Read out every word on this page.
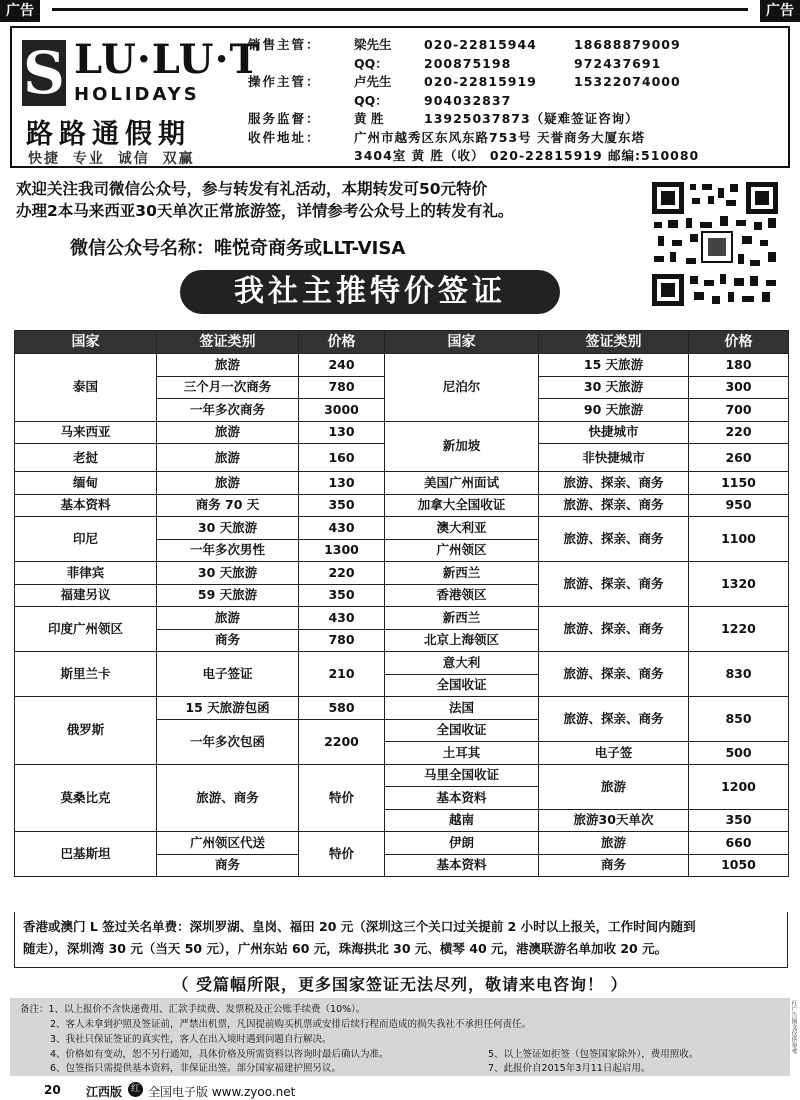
广告	广告
S LU·LU·T
HOLIDAYS
路路通假期
快捷 专业 诚信 双赢
销售主管：	梁先生	020-22815944	18688879009
QQ：	200875198	972437691
操作主管：	卢先生	020-22815919	15322074000
QQ：	904032837
服务监督：	黄 胜	13925037873（疑难签证咨询）
收件地址：	广州市越秀区东风东路753号 天誉商务大厦东塔
3404室 黄 胜（收） 020-22815919 邮编:510080
欢迎关注我司微信公众号，参与转发有礼活动，本期转发可50元特价
办理2本马来西亚30天单次正常旅游签，详情参考公众号上的转发有礼。
微信公众号名称：唯悦奇商务或LLT-VISA
我社主推特价签证
国家	签证类别	价格	国家	签证类别	价格
泰国	旅游	240	尼泊尔	15 天旅游	180
	三个月一次商务	780		30 天旅游	300
	一年多次商务	3000		90 天旅游	700
马来西亚	旅游	130	新加坡	快捷城市	220
老挝	旅游	160		非快捷城市	260
缅甸	旅游	130	美国广州面试	旅游、探亲、商务	1150
基本资料	商务 70 天	350	加拿大全国收证	旅游、探亲、商务	950
印尼	30 天旅游	430	澳大利亚	旅游、探亲、商务	1100
	一年多次男性	1300	广州领区		
菲律宾	30 天旅游	220	新西兰	旅游、探亲、商务	1320
福建另议	59 天旅游	350	香港领区		
印度广州领区	旅游	430	新西兰	旅游、探亲、商务	1220
	商务	780	北京上海领区		
斯里兰卡	电子签证	210	意大利	旅游、探亲、商务	830
			全国收证		
俄罗斯	15 天旅游包函	580	法国	旅游、探亲、商务	850
	一年多次包函	2200	全国收证		
			土耳其	电子签	500
莫桑比克	旅游、商务	特价	马里全国收证	旅游	1200
			基本资料		
			越南	旅游30天单次	350
巴基斯坦	广州领区代送	特价	伊朗	旅游	660
	商务		基本资料	商务	1050
香港或澳门 L 签过关名单费：深圳罗湖、皇岗、福田 20 元（深圳这三个关口过关提前 2 小时以上报关，工作时间内随到
随走），深圳湾 30 元（当天 50 元），广州东站 60 元，珠海拱北 30 元、横琴 40 元，港澳联游名单加收 20 元。
（ 受篇幅所限，更多国家签证无法尽列，敬请来电咨询！ ）
备注：1、以上报价不含快递费用、汇款手续费、发票税及正公账手续费（10%）。
2、客人未拿到护照及签证前，严禁出机票，凡因提前购买机票或安排后续行程而造成的损失我社不承担任何责任。
3、我社只保证签证的真实性，客人在出入境时遇到问题自行解决。
4、价格如有变动，恕不另行通知，具体价格及所需资料以咨询时最后确认为准。	5、以上签证如拒签（包签国家除外），费用照收。
6、包签指只需提供基本资料，非保证出签。部分国家福建护照另议。	7、此报价自2015年3月11日起启用。
红广告图文仅供参考
20 江西版 红 全国电子版 www.zyoo.net
